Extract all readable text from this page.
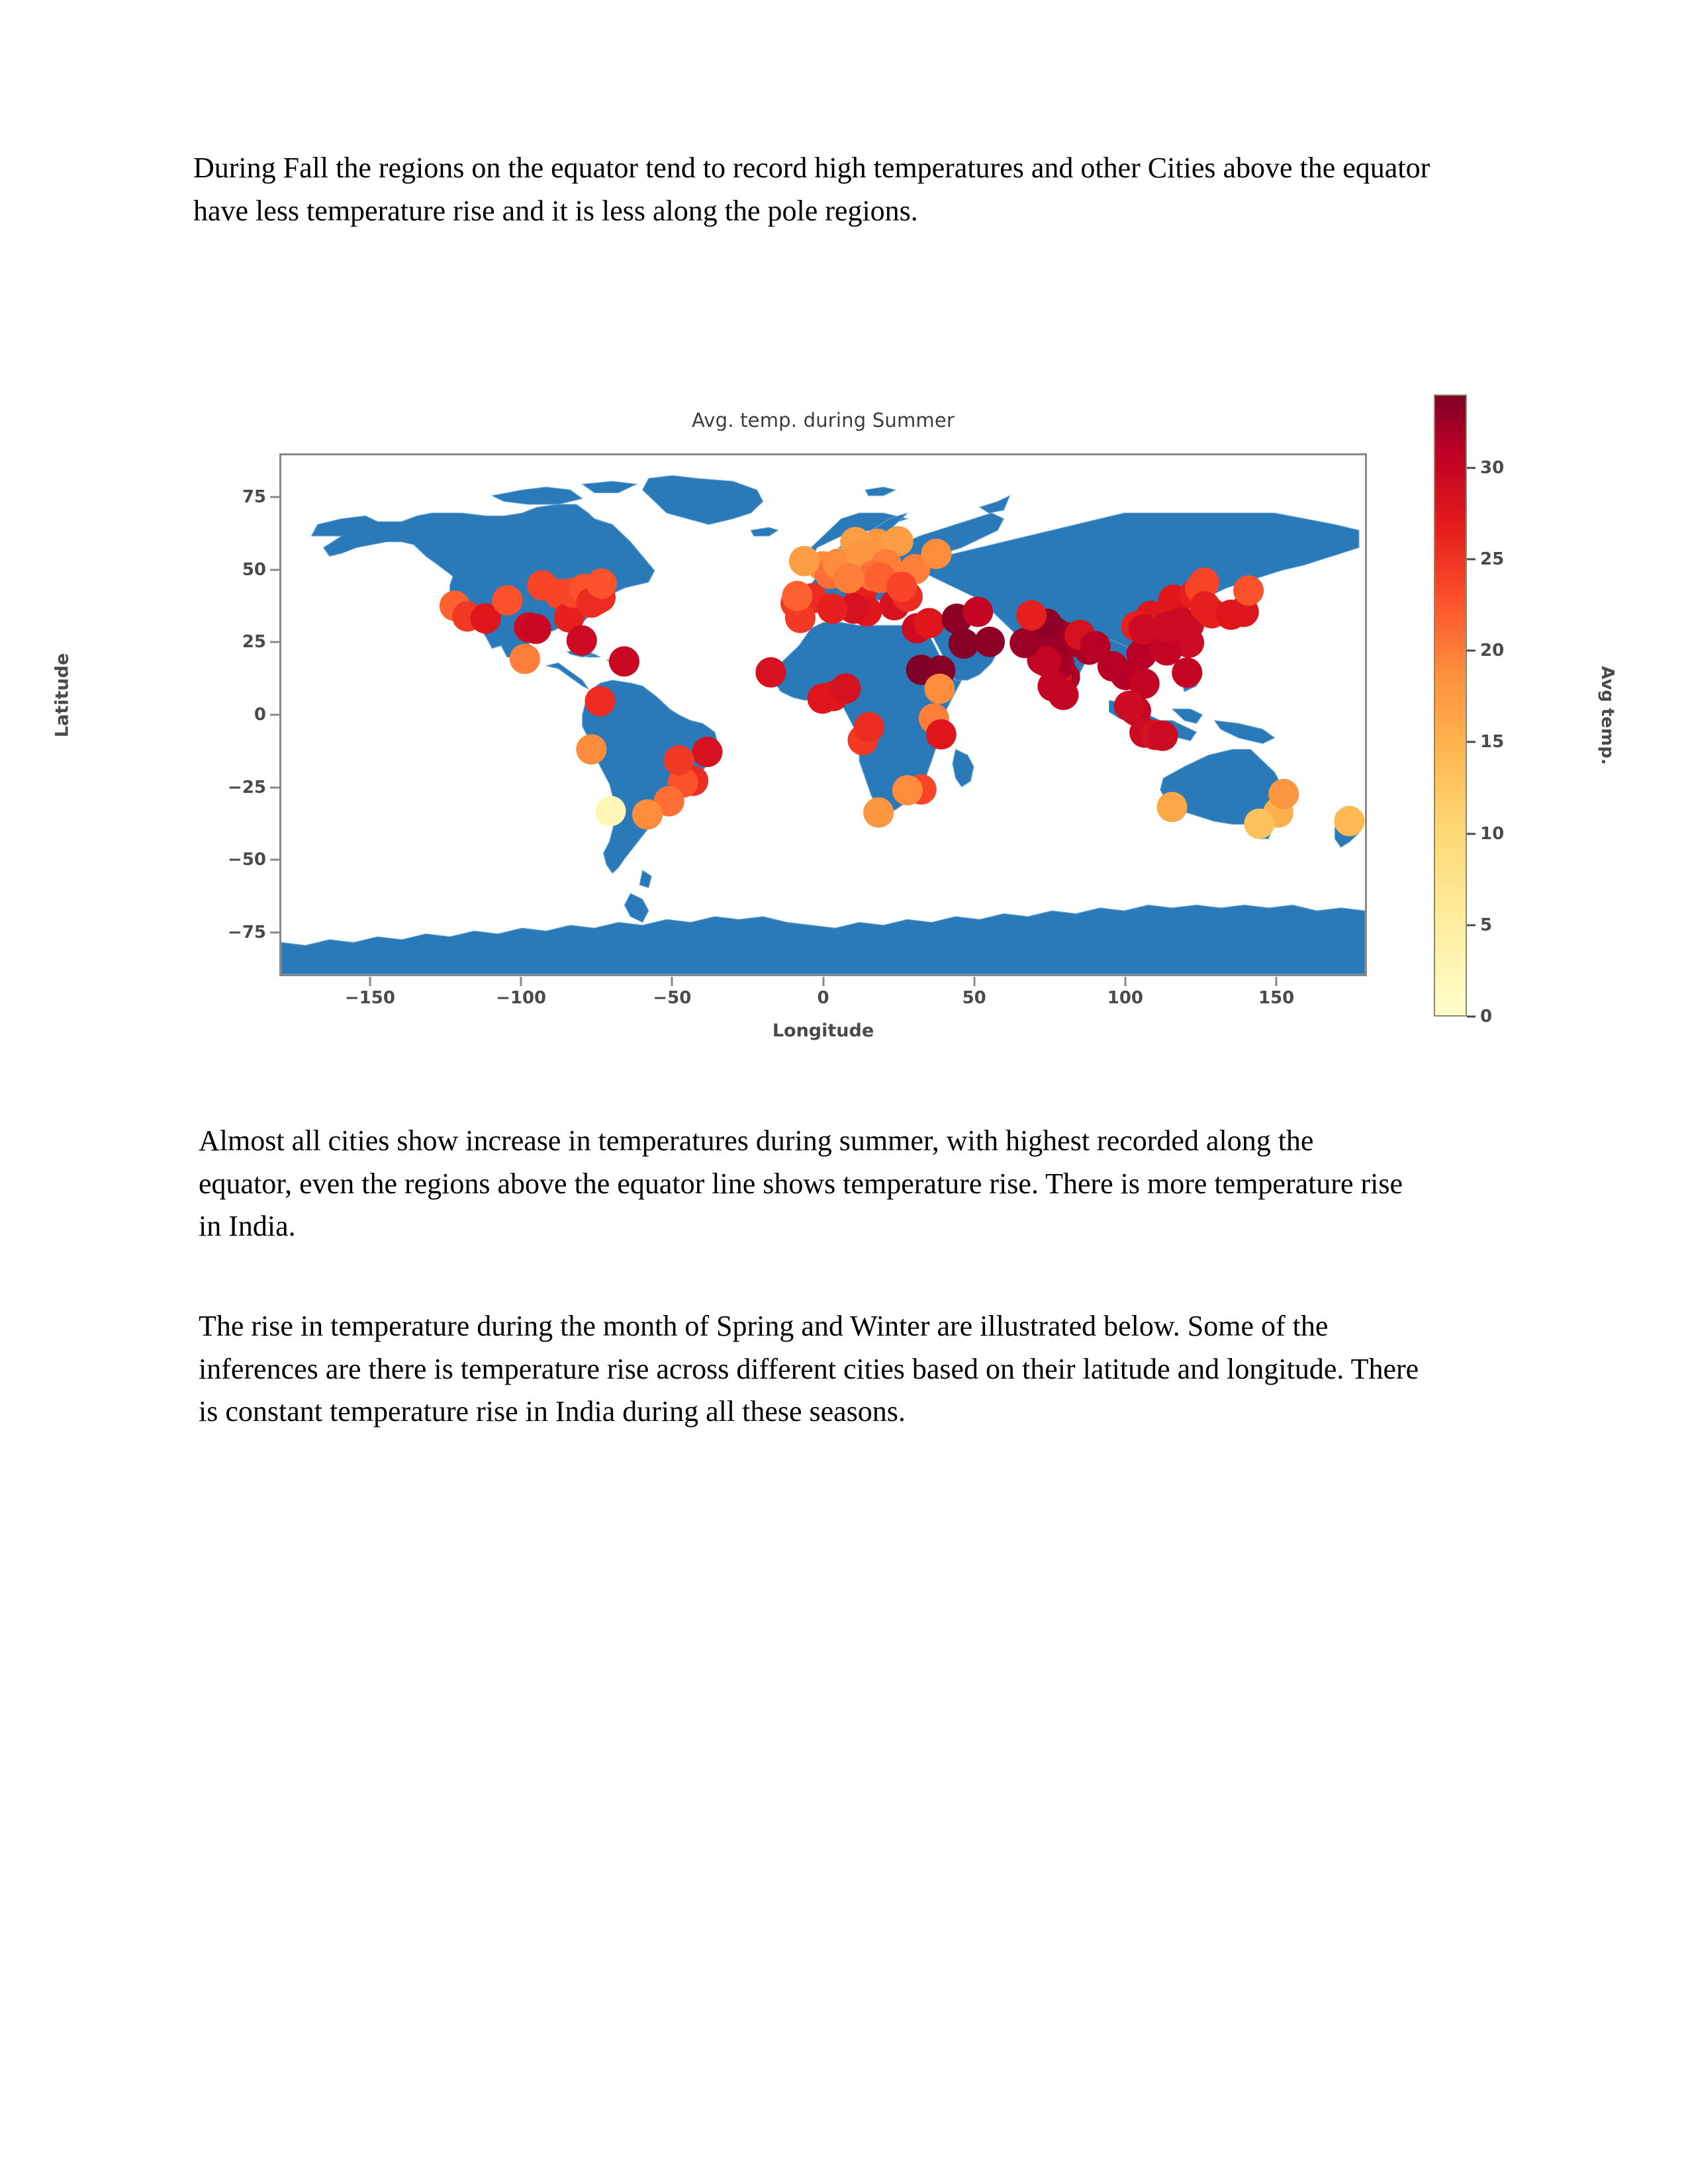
During Fall the regions on the equator tend to record high temperatures and other Cities above the equator have less temperature rise and it is less along the pole regions.
Avg. temp. during Summer
Latitude
75
50
25
0
−25
−50
−75
−150	−100	−50	0	50	100	150
Longitude
0
5
10
15
20
25
30
Avg temp.
Almost all cities show increase in temperatures during summer, with highest recorded along the equator, even the regions above the equator line shows temperature rise. There is more temperature rise in India.
The rise in temperature during the month of Spring and Winter are illustrated below. Some of the inferences are there is temperature rise across different cities based on their latitude and longitude. There is constant temperature rise in India during all these seasons.
